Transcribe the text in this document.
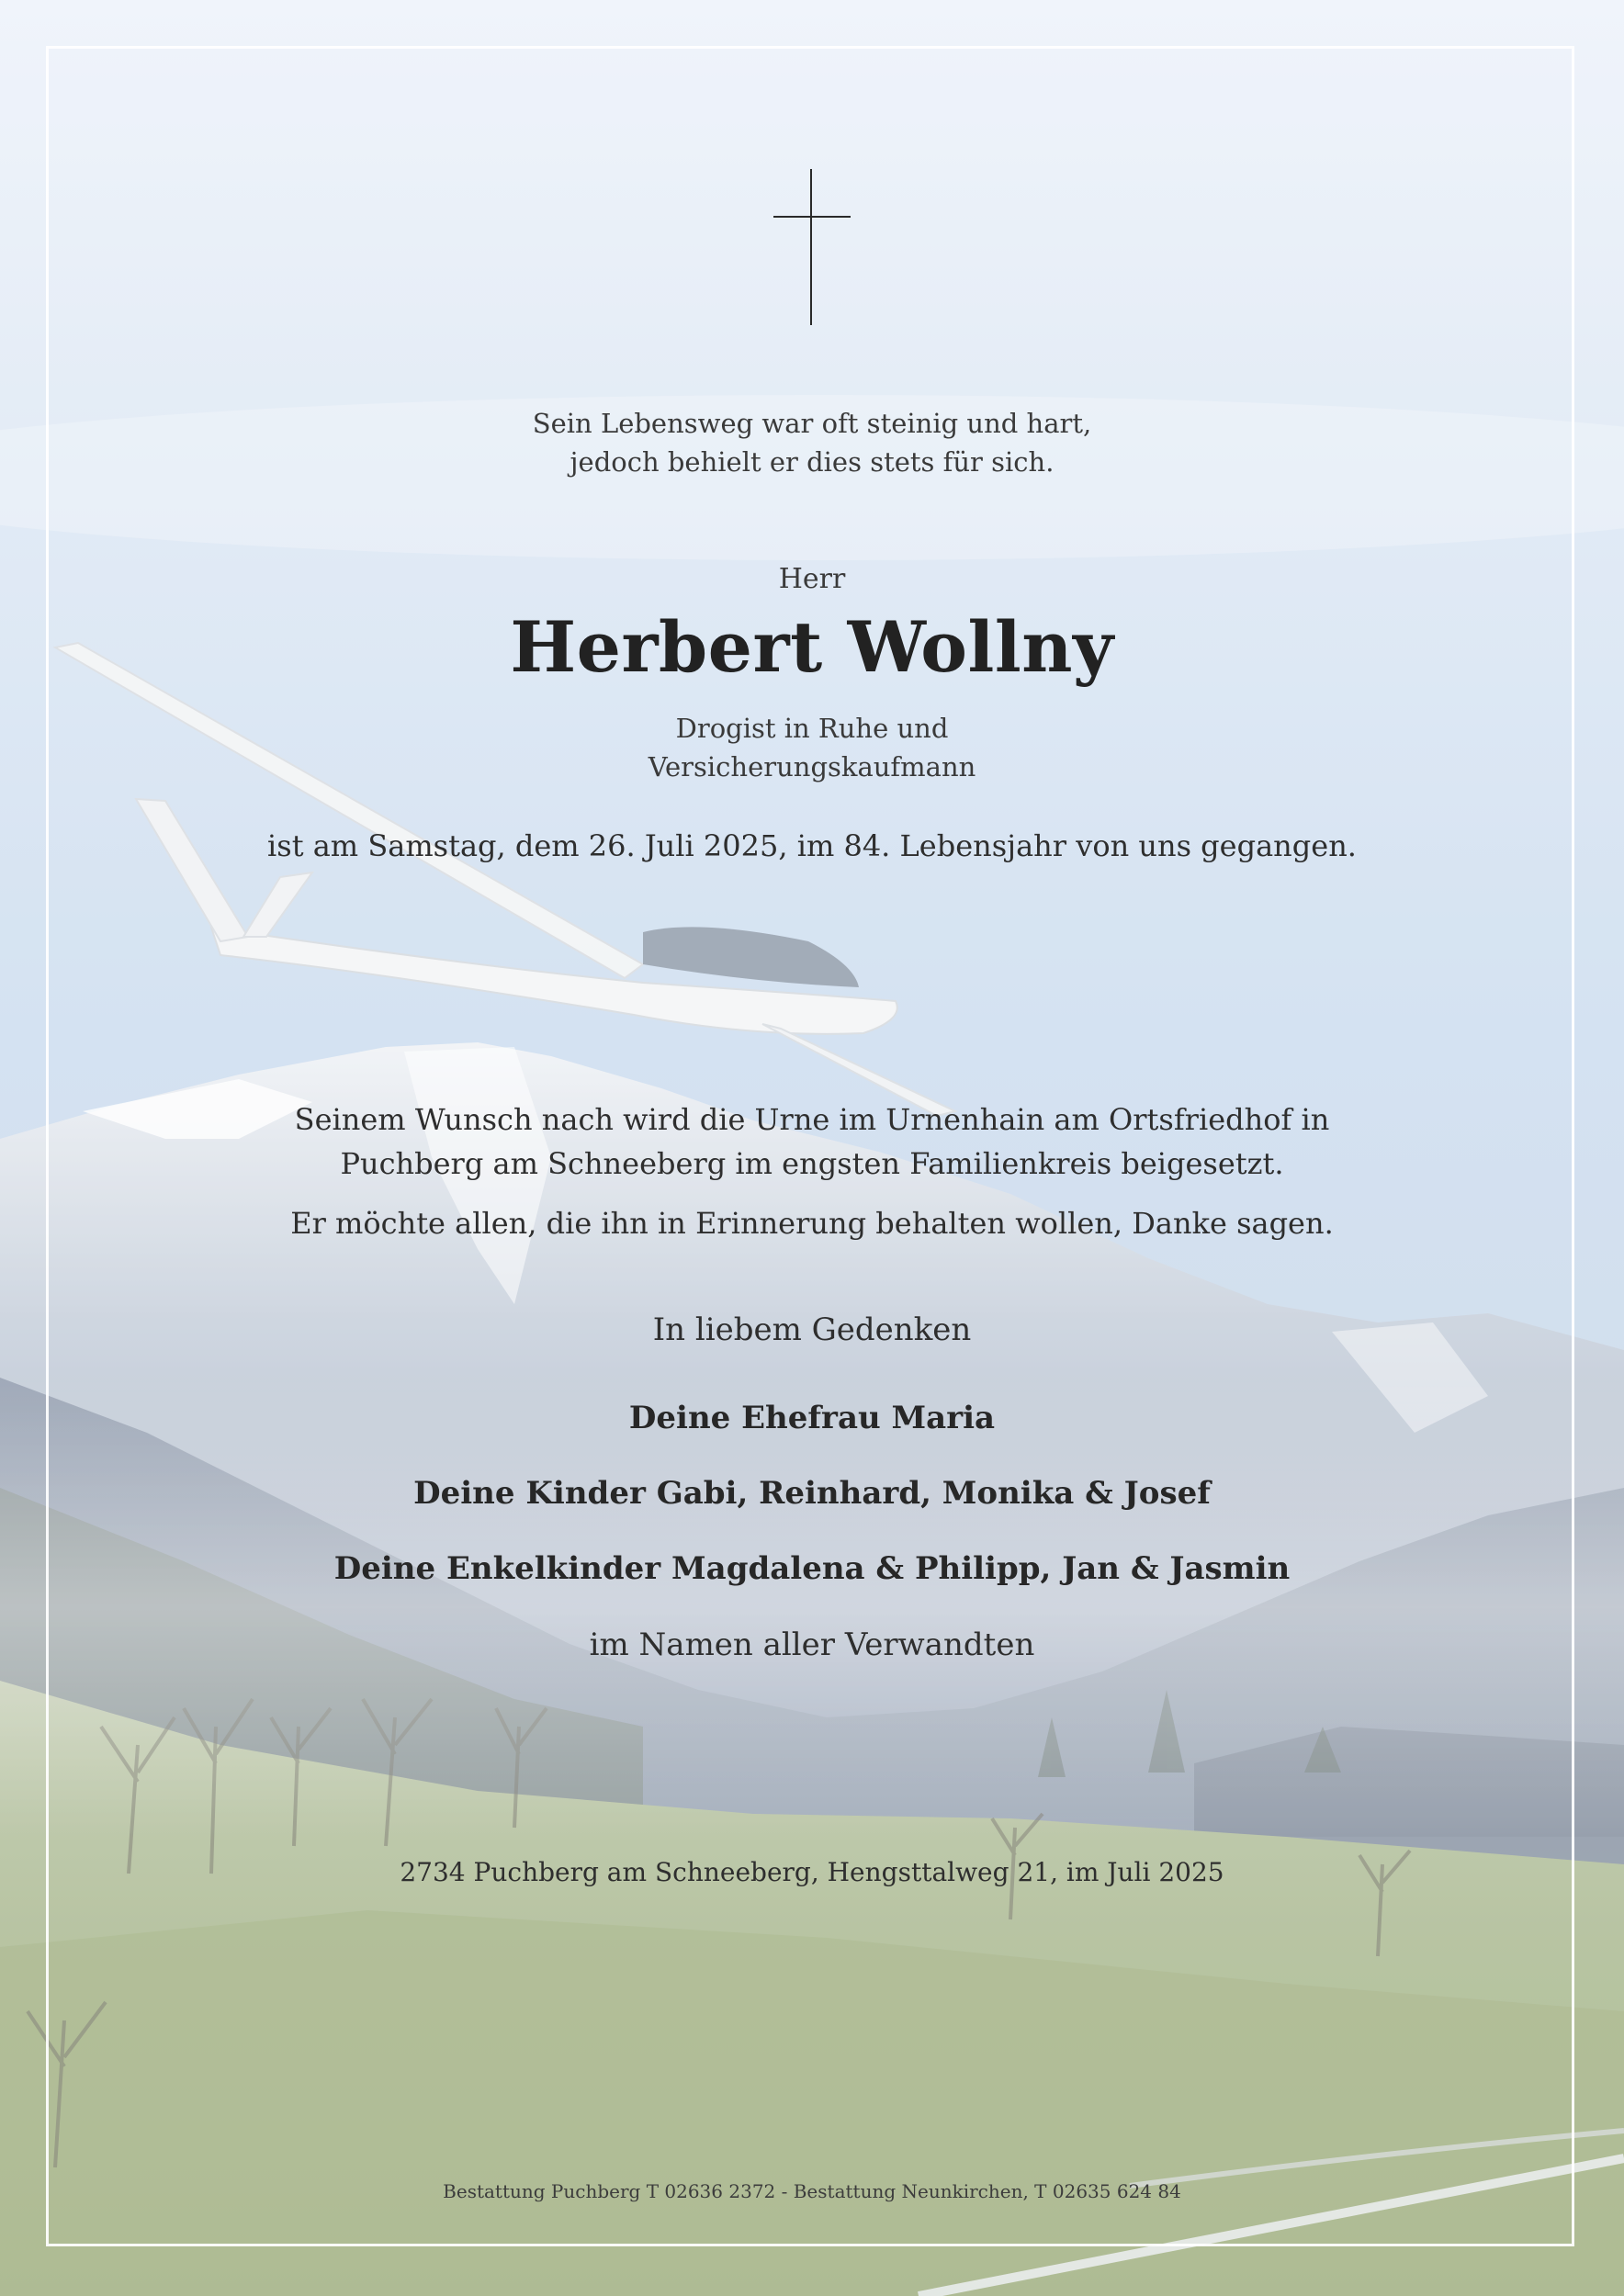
Sein Lebensweg war oft steinig und hart,
jedoch behielt er dies stets für sich.
Herr
Herbert Wollny
Drogist in Ruhe und
Versicherungskaufmann
ist am Samstag, dem 26. Juli 2025, im 84. Lebensjahr von uns gegangen.
Seinem Wunsch nach wird die Urne im Urnenhain am Ortsfriedhof in
Puchberg am Schneeberg im engsten Familienkreis beigesetzt.
Er möchte allen, die ihn in Erinnerung behalten wollen, Danke sagen.
In liebem Gedenken
Deine Ehefrau Maria
Deine Kinder Gabi, Reinhard, Monika & Josef
Deine Enkelkinder Magdalena & Philipp, Jan & Jasmin
im Namen aller Verwandten
2734 Puchberg am Schneeberg, Hengsttalweg 21, im Juli 2025
Bestattung Puchberg T 02636 2372 - Bestattung Neunkirchen, T 02635 624 84
